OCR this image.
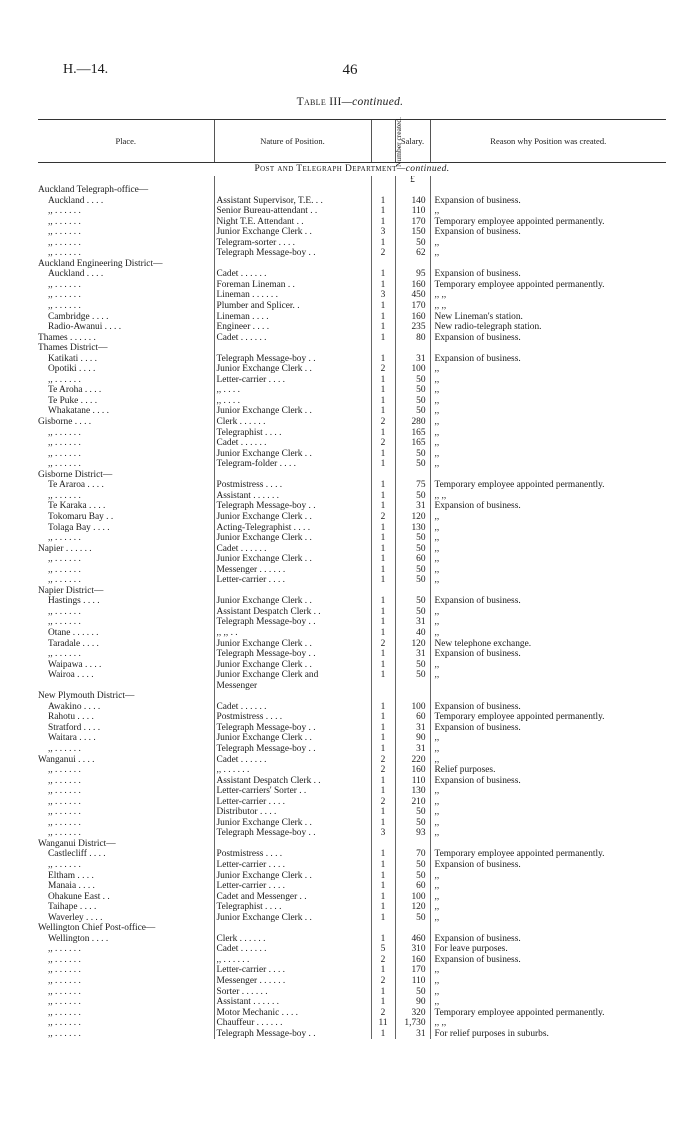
H.—14.	46
Table III—continued.
Place.	Nature of Position.	Number created.	Salary.	Reason why Position was created.
Post and Telegraph Department—continued.				
			£	
Auckland Telegraph-office—				
Auckland . . . .	Assistant Supervisor, T.E. . .	1	140	Expansion of business.
,, . . . . . .	Senior Bureau-attendant . .	1	110	,,
,, . . . . . .	Night T.E. Attendant . .	1	170	Temporary employee appointed permanently.
,, . . . . . .	Junior Exchange Clerk . .	3	150	Expansion of business.
,, . . . . . .	Telegram-sorter . . . .	1	50	,,
,, . . . . . .	Telegraph Message-boy . .	2	62	,,
Auckland Engineering District—				
Auckland . . . .	Cadet . . . . . .	1	95	Expansion of business.
,, . . . . . .	Foreman Lineman . .	1	160	Temporary employee appointed permanently.
,, . . . . . .	Lineman . . . . . .	3	450	,, ,,
,, . . . . . .	Plumber and Splicer. .	1	170	,, ,,
Cambridge . . . .	Lineman . . . .	1	160	New Lineman's station.
Radio-Awanui . . . .	Engineer . . . .	1	235	New radio-telegraph station.
Thames . . . . . .	Cadet . . . . . .	1	80	Expansion of business.
Thames District—				
Katikati . . . .	Telegraph Message-boy . .	1	31	Expansion of business.
Opotiki . . . .	Junior Exchange Clerk . .	2	100	,,
,, . . . . . .	Letter-carrier . . . .	1	50	,,
Te Aroha . . . .	,, . . . .	1	50	,,
Te Puke . . . .	,, . . . .	1	50	,,
Whakatane . . . .	Junior Exchange Clerk . .	1	50	,,
Gisborne . . . .	Clerk . . . . . .	2	280	,,
,, . . . . . .	Telegraphist . . . .	1	165	,,
,, . . . . . .	Cadet . . . . . .	2	165	,,
,, . . . . . .	Junior Exchange Clerk . .	1	50	,,
,, . . . . . .	Telegram-folder . . . .	1	50	,,
Gisborne District—				
Te Araroa . . . .	Postmistress . . . .	1	75	Temporary employee appointed permanently.
,, . . . . . .	Assistant . . . . . .	1	50	,, ,,
Te Karaka . . . .	Telegraph Message-boy . .	1	31	Expansion of business.
Tokomaru Bay . .	Junior Exchange Clerk . .	2	120	,,
Tolaga Bay . . . .	Acting-Telegraphist . . . .	1	130	,,
,, . . . . . .	Junior Exchange Clerk . .	1	50	,,
Napier . . . . . .	Cadet . . . . . .	1	50	,,
,, . . . . . .	Junior Exchange Clerk . .	1	60	,,
,, . . . . . .	Messenger . . . . . .	1	50	,,
,, . . . . . .	Letter-carrier . . . .	1	50	,,
Napier District—				
Hastings . . . .	Junior Exchange Clerk . .	1	50	Expansion of business.
,, . . . . . .	Assistant Despatch Clerk . .	1	50	,,
,, . . . . . .	Telegraph Message-boy . .	1	31	,,
Otane . . . . . .	,, ,, . .	1	40	,,
Taradale . . . .	Junior Exchange Clerk . .	2	120	New telephone exchange.
,, . . . . . .	Telegraph Message-boy . .	1	31	Expansion of business.
Waipawa . . . .	Junior Exchange Clerk . .	1	50	,,
Wairoa . . . .	Junior Exchange Clerk and	1	50	,,
	Messenger			
New Plymouth District—				
Awakino . . . .	Cadet . . . . . .	1	100	Expansion of business.
Rahotu . . . .	Postmistress . . . .	1	60	Temporary employee appointed permanently.
Stratford . . . .	Telegraph Message-boy . .	1	31	Expansion of business.
Waitara . . . .	Junior Exchange Clerk . .	1	90	,,
,, . . . . . .	Telegraph Message-boy . .	1	31	,,
Wanganui . . . .	Cadet . . . . . .	2	220	,,
,, . . . . . .	,, . . . . . .	2	160	Relief purposes.
,, . . . . . .	Assistant Despatch Clerk . .	1	110	Expansion of business.
,, . . . . . .	Letter-carriers' Sorter . .	1	130	,,
,, . . . . . .	Letter-carrier . . . .	2	210	,,
,, . . . . . .	Distributor . . . .	1	50	,,
,, . . . . . .	Junior Exchange Clerk . .	1	50	,,
,, . . . . . .	Telegraph Message-boy . .	3	93	,,
Wanganui District—				
Castlecliff . . . .	Postmistress . . . .	1	70	Temporary employee appointed permanently.
,, . . . . . .	Letter-carrier . . . .	1	50	Expansion of business.
Eltham . . . .	Junior Exchange Clerk . .	1	50	,,
Manaia . . . .	Letter-carrier . . . .	1	60	,,
Ohakune East . .	Cadet and Messenger . .	1	100	,,
Taihape . . . .	Telegraphist . . . .	1	120	,,
Waverley . . . .	Junior Exchange Clerk . .	1	50	,,
Wellington Chief Post-office—				
Wellington . . . .	Clerk . . . . . .	1	460	Expansion of business.
,, . . . . . .	Cadet . . . . . .	5	310	For leave purposes.
,, . . . . . .	,, . . . . . .	2	160	Expansion of business.
,, . . . . . .	Letter-carrier . . . .	1	170	,,
,, . . . . . .	Messenger . . . . . .	2	110	,,
,, . . . . . .	Sorter . . . . . .	1	50	,,
,, . . . . . .	Assistant . . . . . .	1	90	,,
,, . . . . . .	Motor Mechanic . . . .	2	320	Temporary employee appointed permanently.
,, . . . . . .	Chauffeur . . . . . .	11	1,730	,, ,,
,, . . . . . .	Telegraph Message-boy . .	1	31	For relief purposes in suburbs.
